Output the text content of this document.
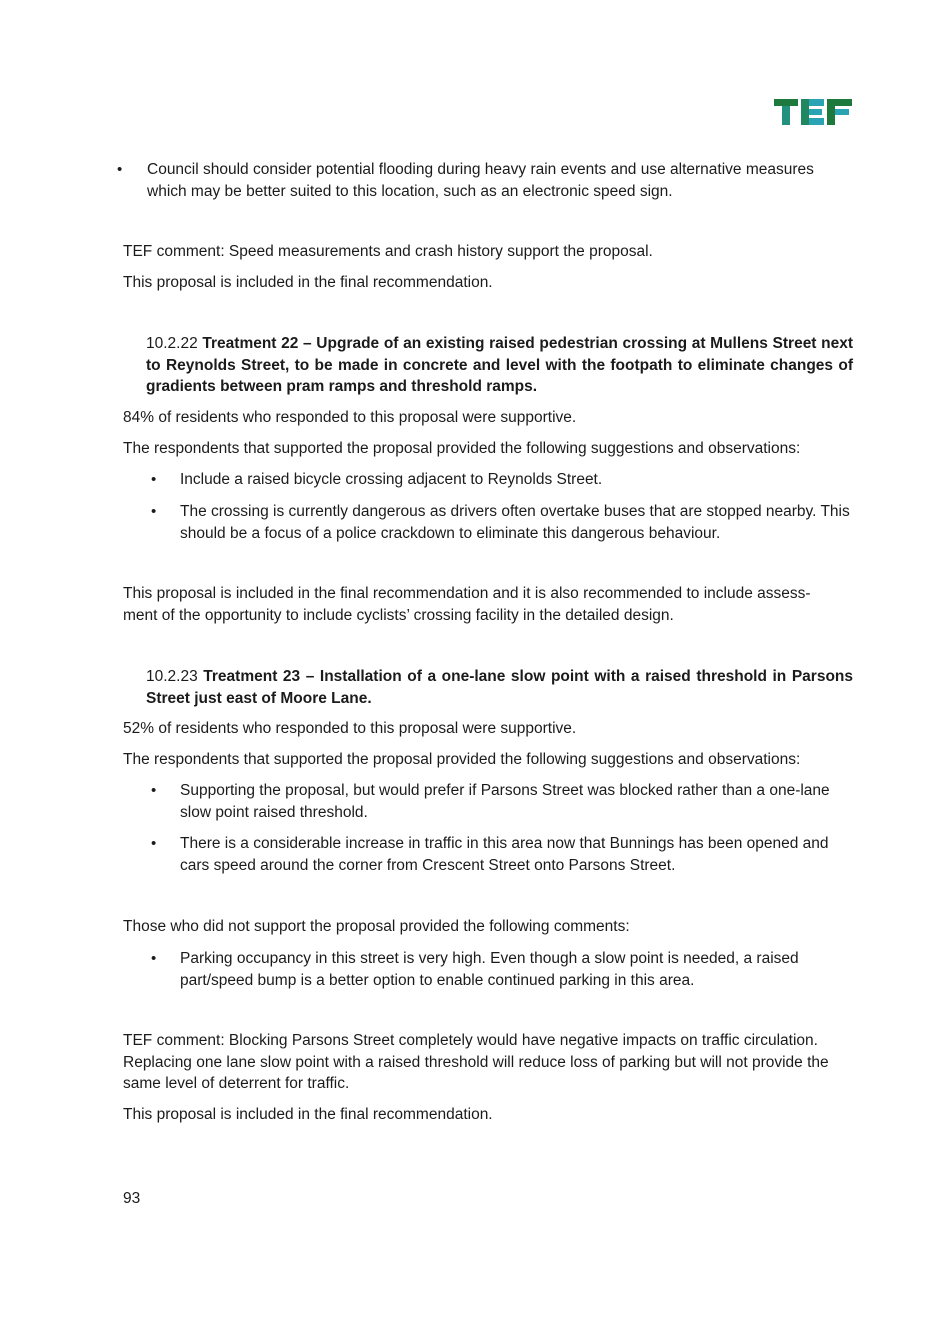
•	Council should consider potential flooding during heavy rain events and use alternative measures which may be better suited to this location, such as an electronic speed sign.

TEF comment: Speed measurements and crash history support the proposal.

This proposal is included in the final recommendation.

10.2.22 Treatment 22 – Upgrade of an existing raised pedestrian crossing at Mullens Street next to Reynolds Street, to be made in concrete and level with the footpath to eliminate changes of gradients between pram ramps and threshold ramps.

84% of residents who responded to this proposal were supportive.

The respondents that supported the proposal provided the following suggestions and observations:

•	Include a raised bicycle crossing adjacent to Reynolds Street.
•	The crossing is currently dangerous as drivers often overtake buses that are stopped nearby. This should be a focus of a police crackdown to eliminate this dangerous behaviour.

This proposal is included in the final recommendation and it is also recommended to include assess-ment of the opportunity to include cyclists’ crossing facility in the detailed design.

10.2.23 Treatment 23 – Installation of a one-lane slow point with a raised threshold in Parsons Street just east of Moore Lane.

52% of residents who responded to this proposal were supportive.

The respondents that supported the proposal provided the following suggestions and observations:

•	Supporting the proposal, but would prefer if Parsons Street was blocked rather than a one-lane slow point raised threshold.
•	There is a considerable increase in traffic in this area now that Bunnings has been opened and cars speed around the corner from Crescent Street onto Parsons Street.

Those who did not support the proposal provided the following comments:

•	Parking occupancy in this street is very high. Even though a slow point is needed, a raised part/speed bump is a better option to enable continued parking in this area.

TEF comment: Blocking Parsons Street completely would have negative impacts on traffic circulation. Replacing one lane slow point with a raised threshold will reduce loss of parking but will not provide the same level of deterrent for traffic.

This proposal is included in the final recommendation.

93
